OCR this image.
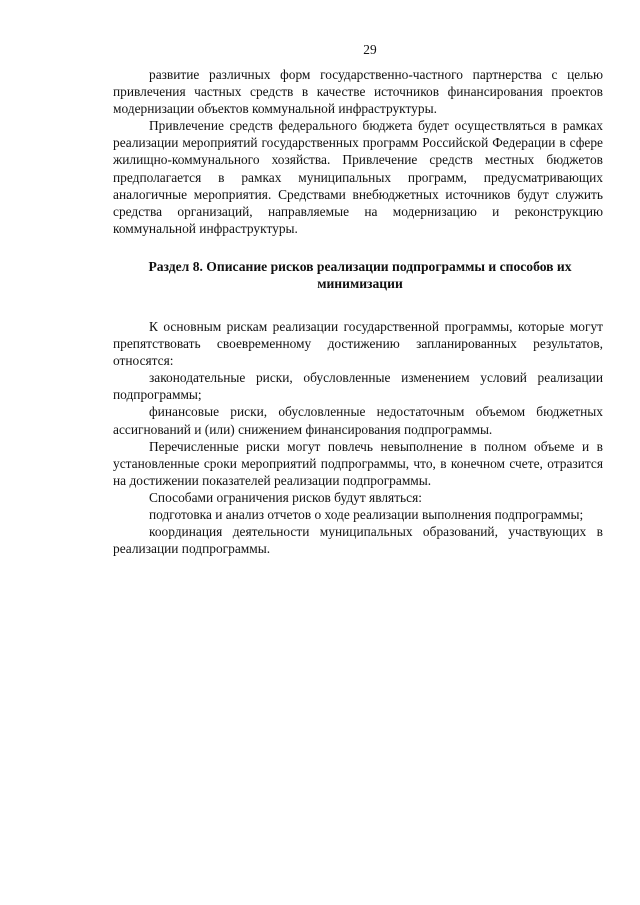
29

развитие различных форм государственно-частного партнерства с целью привлечения частных средств в качестве источников финансирования проектов модернизации объектов коммунальной инфраструктуры.

Привлечение средств федерального бюджета будет осуществляться в рамках реализации мероприятий государственных программ Российской Федерации в сфере жилищно-коммунального хозяйства. Привлечение средств местных бюджетов предполагается в рамках муниципальных программ, предусматривающих аналогичные мероприятия. Средствами внебюджетных источников будут служить средства организаций, направляемые на модернизацию и реконструкцию коммунальной инфраструктуры.

Раздел 8. Описание рисков реализации подпрограммы и способов их минимизации

К основным рискам реализации государственной программы, которые могут препятствовать своевременному достижению запланированных результатов, относятся:

законодательные риски, обусловленные изменением условий реализации подпрограммы;

финансовые риски, обусловленные недостаточным объемом бюджетных ассигнований и (или) снижением финансирования подпрограммы.

Перечисленные риски могут повлечь невыполнение в полном объеме и в установленные сроки мероприятий подпрограммы, что, в конечном счете, отразится на достижении показателей реализации подпрограммы.

Способами ограничения рисков будут являться:

подготовка и анализ отчетов о ходе реализации выполнения подпрограммы;

координация деятельности муниципальных образований, участвующих в реализации подпрограммы.
